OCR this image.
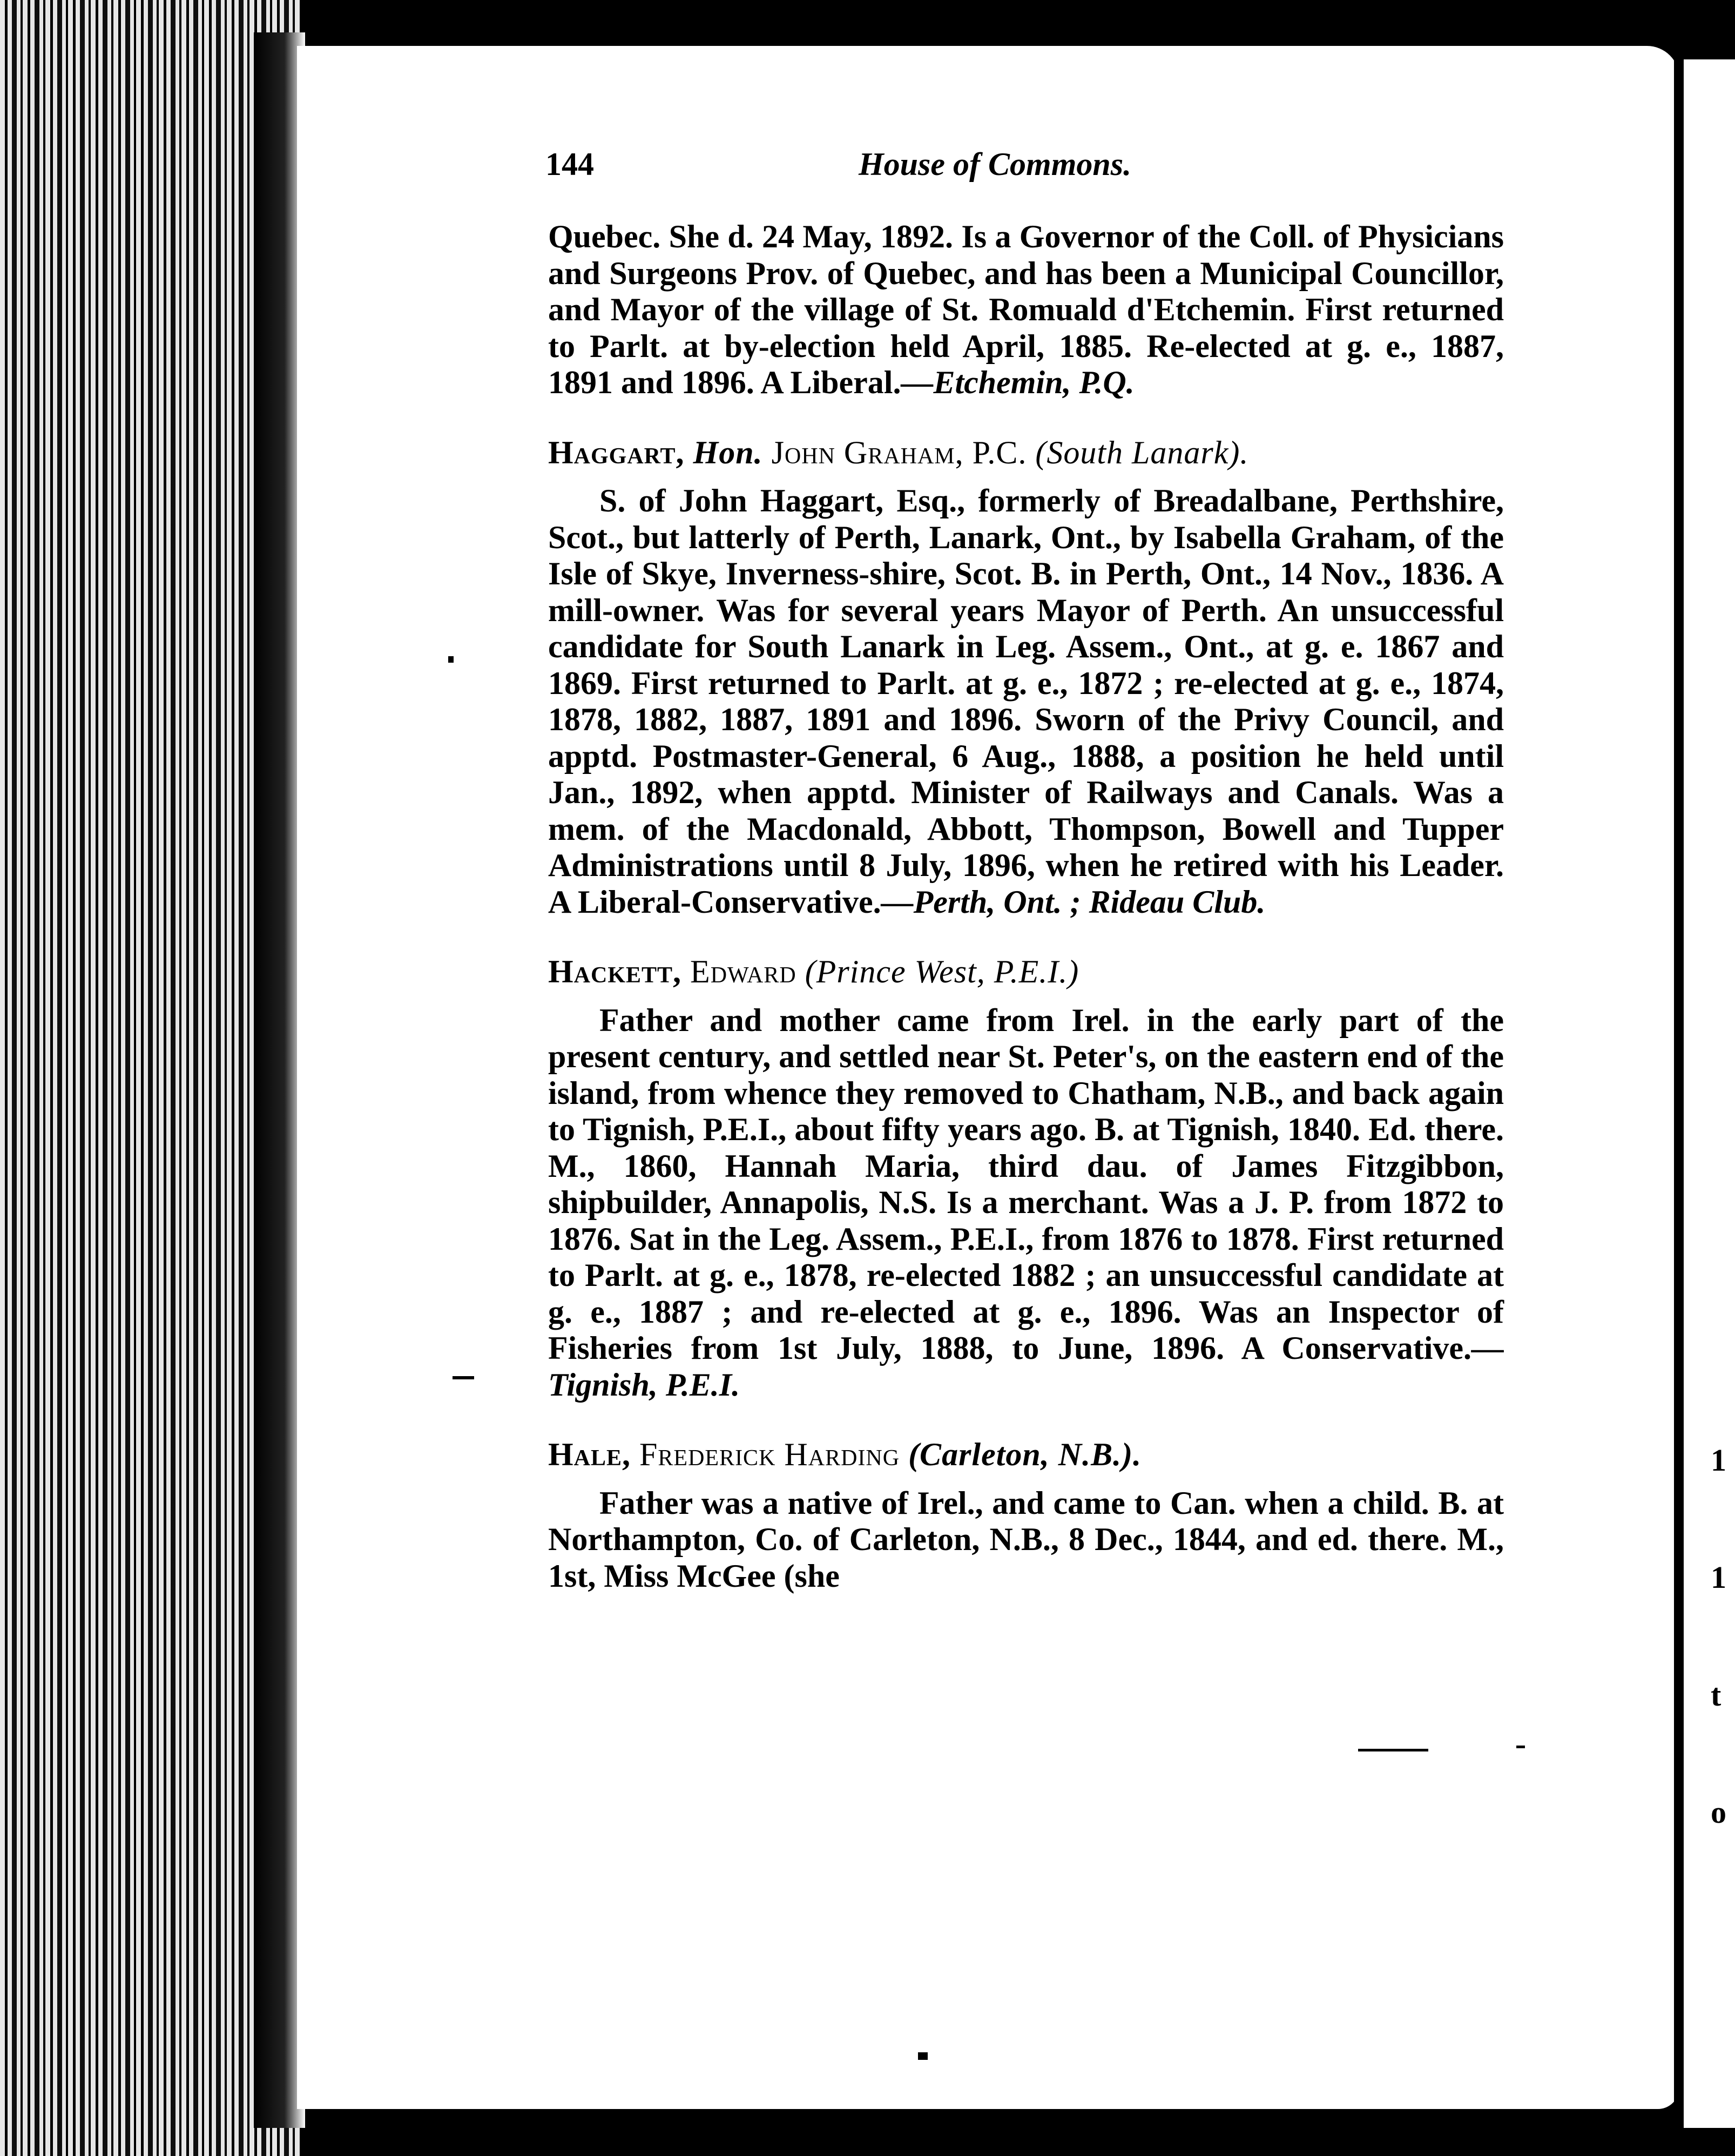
1

1

t

o

144	House of Commons.

Quebec. She d. 24 May, 1892. Is a Governor of the Coll. of Physicians and Surgeons Prov. of Quebec, and has been a Municipal Councillor, and Mayor of the village of St. Romuald d'Etchemin. First returned to Parlt. at by-election held April, 1885. Re-elected at g. e., 1887, 1891 and 1896. A Liberal.—Etchemin, P.Q.

Haggart, Hon. John Graham, P.C. (South Lanark).

S. of John Haggart, Esq., formerly of Breadalbane, Perthshire, Scot., but latterly of Perth, Lanark, Ont., by Isabella Graham, of the Isle of Skye, Inverness-shire, Scot. B. in Perth, Ont., 14 Nov., 1836. A mill-owner. Was for several years Mayor of Perth. An unsuccessful candidate for South Lanark in Leg. Assem., Ont., at g. e. 1867 and 1869. First returned to Parlt. at g. e., 1872 ; re-elected at g. e., 1874, 1878, 1882, 1887, 1891 and 1896. Sworn of the Privy Council, and apptd. Postmaster-General, 6 Aug., 1888, a position he held until Jan., 1892, when apptd. Minister of Railways and Canals. Was a mem. of the Macdonald, Abbott, Thompson, Bowell and Tupper Administrations until 8 July, 1896, when he retired with his Leader. A Liberal-Conservative.—Perth, Ont. ; Rideau Club.

Hackett, Edward (Prince West, P.E.I.)

Father and mother came from Irel. in the early part of the present century, and settled near St. Peter's, on the eastern end of the island, from whence they removed to Chatham, N.B., and back again to Tignish, P.E.I., about fifty years ago. B. at Tignish, 1840. Ed. there. M., 1860, Hannah Maria, third dau. of James Fitzgibbon, shipbuilder, Annapolis, N.S. Is a merchant. Was a J. P. from 1872 to 1876. Sat in the Leg. Assem., P.E.I., from 1876 to 1878. First returned to Parlt. at g. e., 1878, re-elected 1882 ; an unsuccessful candidate at g. e., 1887 ; and re-elected at g. e., 1896. Was an Inspector of Fisheries from 1st July, 1888, to June, 1896. A Conservative.—Tignish, P.E.I.

Hale, Frederick Harding (Carleton, N.B.).

Father was a native of Irel., and came to Can. when a child. B. at Northampton, Co. of Carleton, N.B., 8 Dec., 1844, and ed. there. M., 1st, Miss McGee (she
